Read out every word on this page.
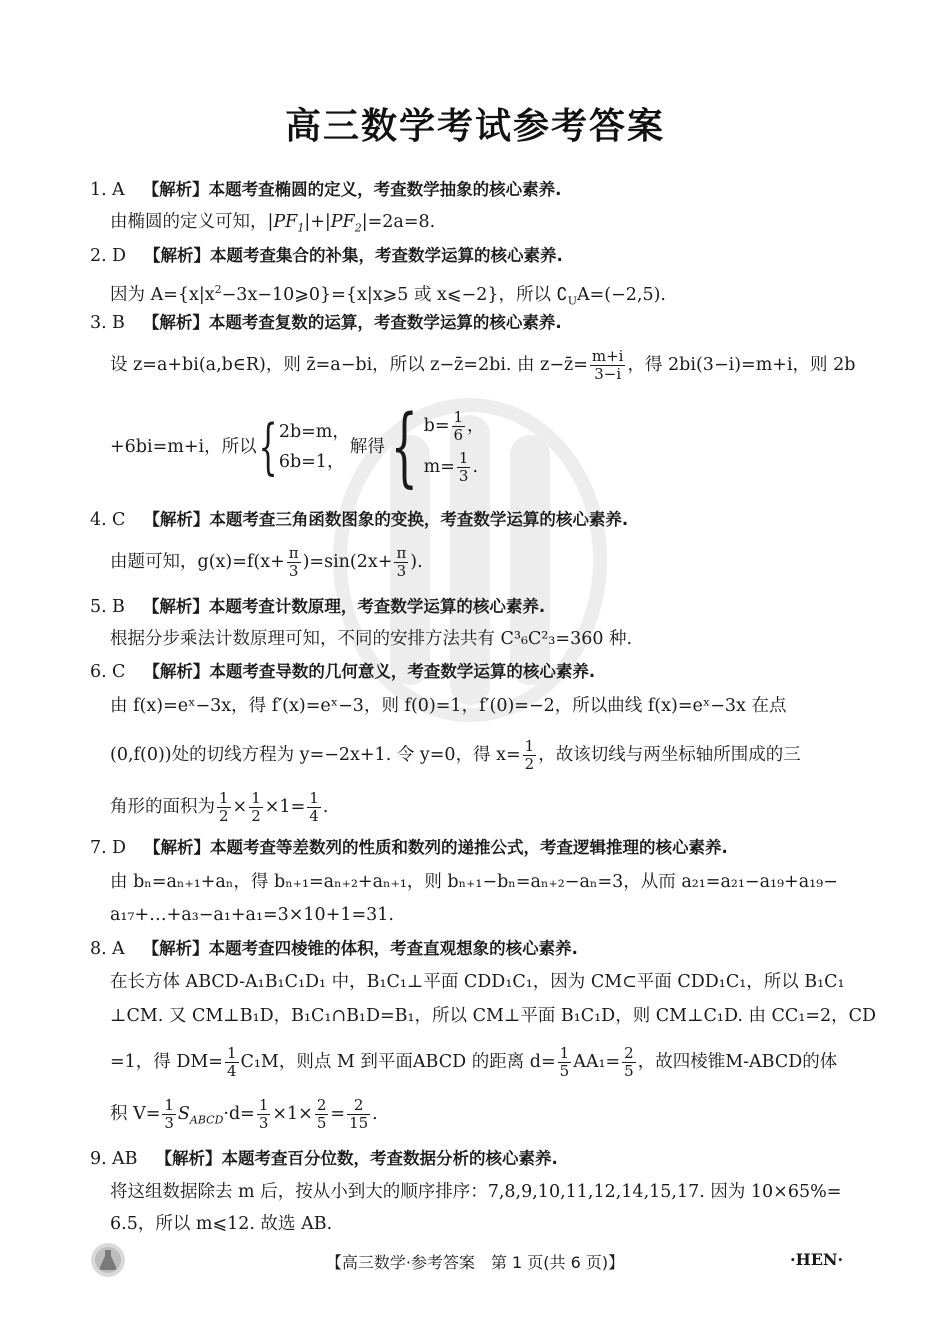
高三数学考试参考答案
1. A 【解析】本题考查椭圆的定义，考查数学抽象的核心素养.
由椭圆的定义可知，$|PF_1|+|PF_2|=2a=8$.
2. D 【解析】本题考查集合的补集，考查数学运算的核心素养.
因为 $A=\{x|x^2-3x-10⩾0\}=\{x|x⩾5$ 或 x⩽−2}，所以 $∁_UA=(-2,5)$.
3. B 【解析】本题考查复数的运算，考查数学运算的核心素养.
设 z=a+bi(a,b∈R)，则 z̄=a−bi，所以 z−z̄=2bi. 由 z−z̄= $\frac{m+i}{3-i}$ ，得 2bi(3−i)=m+i，则 2b
+6bi=m+i，所以{ 2b=m，
6b=1，
解得{ $b= \frac{1}{6}$ ，
$m= \frac{1}{3}$ .
4. C 【解析】本题考查三角函数图象的变换，考查数学运算的核心素养.
由题可知，$g(x)=f(x+ \frac{\pi}{3} )=\sin(2x+ \frac{\pi}{3}$ ).
5. B 【解析】本题考查计数原理，考查数学运算的核心素养.
根据分步乘法计数原理可知，不同的安排方法共有 C³₆C²₃=360 种.
6. C 【解析】本题考查导数的几何意义，考查数学运算的核心素养.
由 f(x)=eˣ−3x，得 f′(x)=eˣ−3，则 f(0)=1，f′(0)=−2，所以曲线 f(x)=eˣ−3x 在点
(0,f(0))处的切线方程为 y=−2x+1. 令 y=0，得 $x= \frac{1}{2}$ ，故该切线与两坐标轴所围成的三
角形的面积为 $\frac{1}{2} \times \frac{1}{2} \times 1= \frac{1}{4}$ .
7. D 【解析】本题考查等差数列的性质和数列的递推公式，考查逻辑推理的核心素养.
由 bₙ=aₙ₊₁+aₙ，得 bₙ₊₁=aₙ₊₂+aₙ₊₁，则 bₙ₊₁−bₙ=aₙ₊₂−aₙ=3，从而 a₂₁=a₂₁−a₁₉+a₁₉−
a₁₇+…+a₃−a₁+a₁=3×10+1=31.
8. A 【解析】本题考查四棱锥的体积，考查直观想象的核心素养.
在长方体 ABCD-A₁B₁C₁D₁ 中，B₁C₁⊥平面 CDD₁C₁，因为 CM⊂平面 CDD₁C₁，所以 B₁C₁
⊥CM. 又 CM⊥B₁D，B₁C₁∩B₁D=B₁，所以 CM⊥平面 B₁C₁D，则 CM⊥C₁D. 由 CC₁=2，CD
=1，得 $DM= \frac{1}{4} C_1M$，则点 M 到平面ABCD 的距离 $d= \frac{1}{5} AA_1= \frac{2}{5}$ ，故四棱锥M-ABCD的体
积 $V= \frac{1}{3} S_{ABCD}\cdot d= \frac{1}{3} \times 1\times \frac{2}{5} = \frac{2}{15}$ .
9. AB 【解析】本题考查百分位数，考查数据分析的核心素养.
将这组数据除去 m 后，按从小到大的顺序排序：7,8,9,10,11,12,14,15,17. 因为 10×65%=
6.5，所以 m⩽12. 故选 AB.
【高三数学·参考答案　第 1 页(共 6 页)】	·HEN·
